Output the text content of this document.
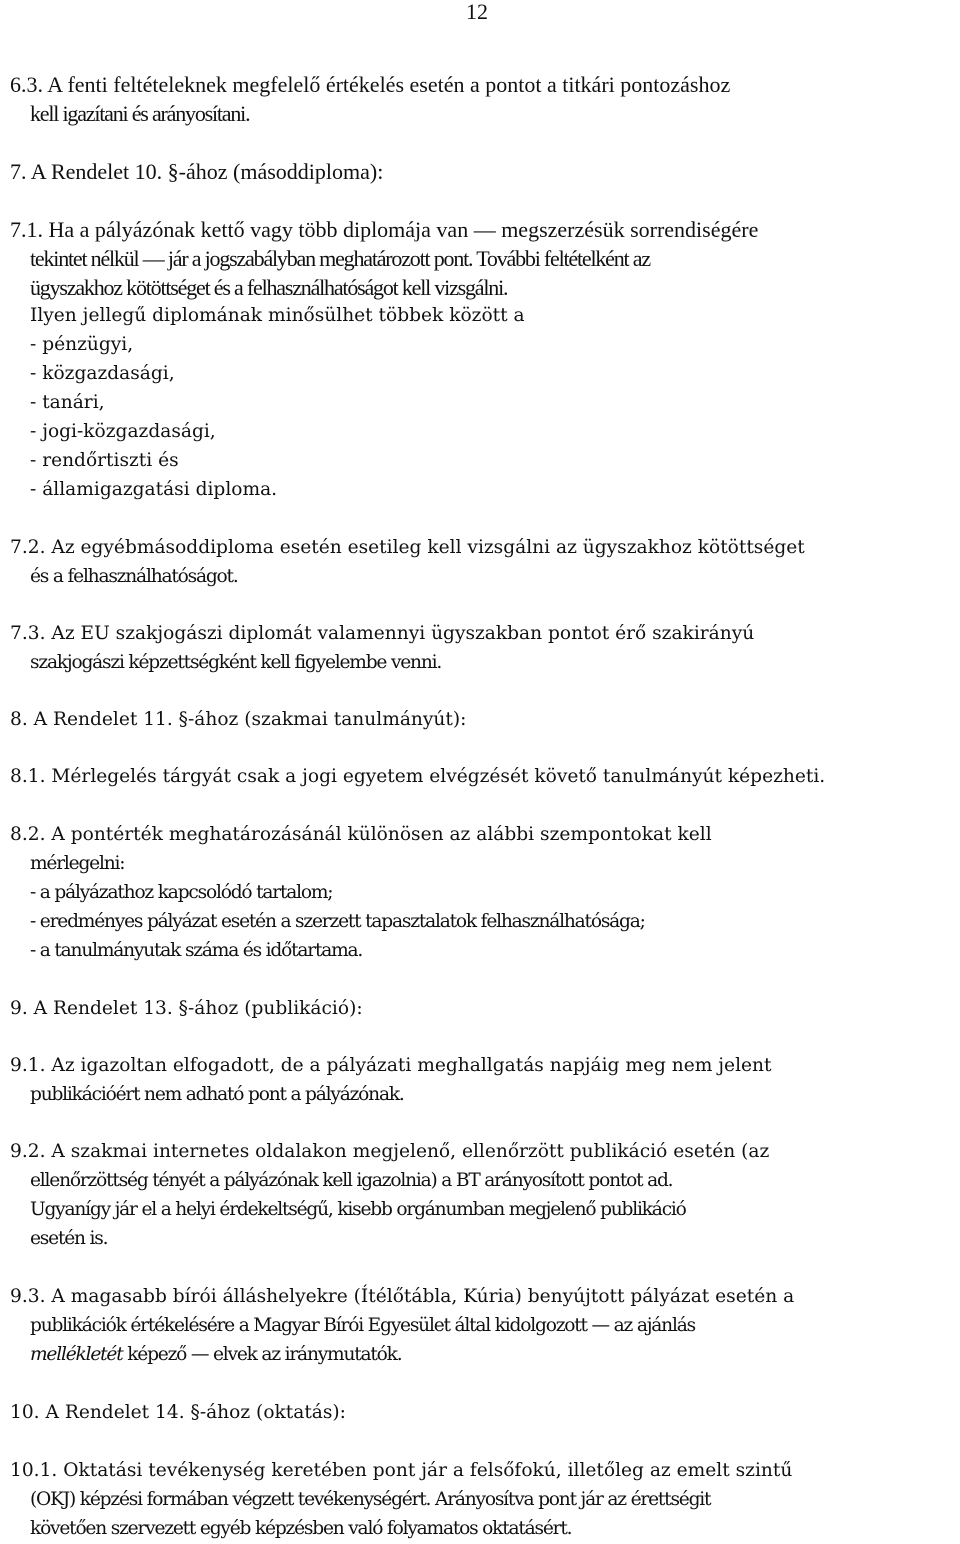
12
6.3. A fenti feltételeknek megfelelő értékelés esetén a pontot a titkári pontozáshoz
kell igazítani és arányosítani.
7. A Rendelet 10. §-ához (másoddiploma):
7.1. Ha a pályázónak kettő vagy több diplomája van — megszerzésük sorrendiségére
tekintet nélkül — jár a jogszabályban meghatározott pont. További feltételként az
ügyszakhoz kötöttséget és a felhasználhatóságot kell vizsgálni.
Ilyen jellegű diplomának minősülhet többek között a
- pénzügyi,
- közgazdasági,
- tanári,
- jogi-közgazdasági,
- rendőrtiszti és
- államigazgatási diploma.
7.2. Az egyébmásoddiploma esetén esetileg kell vizsgálni az ügyszakhoz kötöttséget
és a felhasználhatóságot.
7.3. Az EU szakjogászi diplomát valamennyi ügyszakban pontot érő szakirányú
szakjogászi képzettségként kell figyelembe venni.
8. A Rendelet 11. §-ához (szakmai tanulmányút):
8.1. Mérlegelés tárgyát csak a jogi egyetem elvégzését követő tanulmányút képezheti.
8.2. A pontérték meghatározásánál különösen az alábbi szempontokat kell
mérlegelni:
- a pályázathoz kapcsolódó tartalom;
- eredményes pályázat esetén a szerzett tapasztalatok felhasználhatósága;
- a tanulmányutak száma és időtartama.
9. A Rendelet 13. §-ához (publikáció):
9.1. Az igazoltan elfogadott, de a pályázati meghallgatás napjáig meg nem jelent
publikációért nem adható pont a pályázónak.
9.2. A szakmai internetes oldalakon megjelenő, ellenőrzött publikáció esetén (az
ellenőrzöttség tényét a pályázónak kell igazolnia) a BT arányosított pontot ad.
Ugyanígy jár el a helyi érdekeltségű, kisebb orgánumban megjelenő publikáció
esetén is.
9.3. A magasabb bírói álláshelyekre (Ítélőtábla, Kúria) benyújtott pályázat esetén a
publikációk értékelésére a Magyar Bírói Egyesület által kidolgozott — az ajánlás
mellékletét képező — elvek az iránymutatók.
10. A Rendelet 14. §-ához (oktatás):
10.1. Oktatási tevékenység keretében pont jár a felsőfokú, illetőleg az emelt szintű
(OKJ) képzési formában végzett tevékenységért. Arányosítva pont jár az érettségit
követően szervezett egyéb képzésben való folyamatos oktatásért.
